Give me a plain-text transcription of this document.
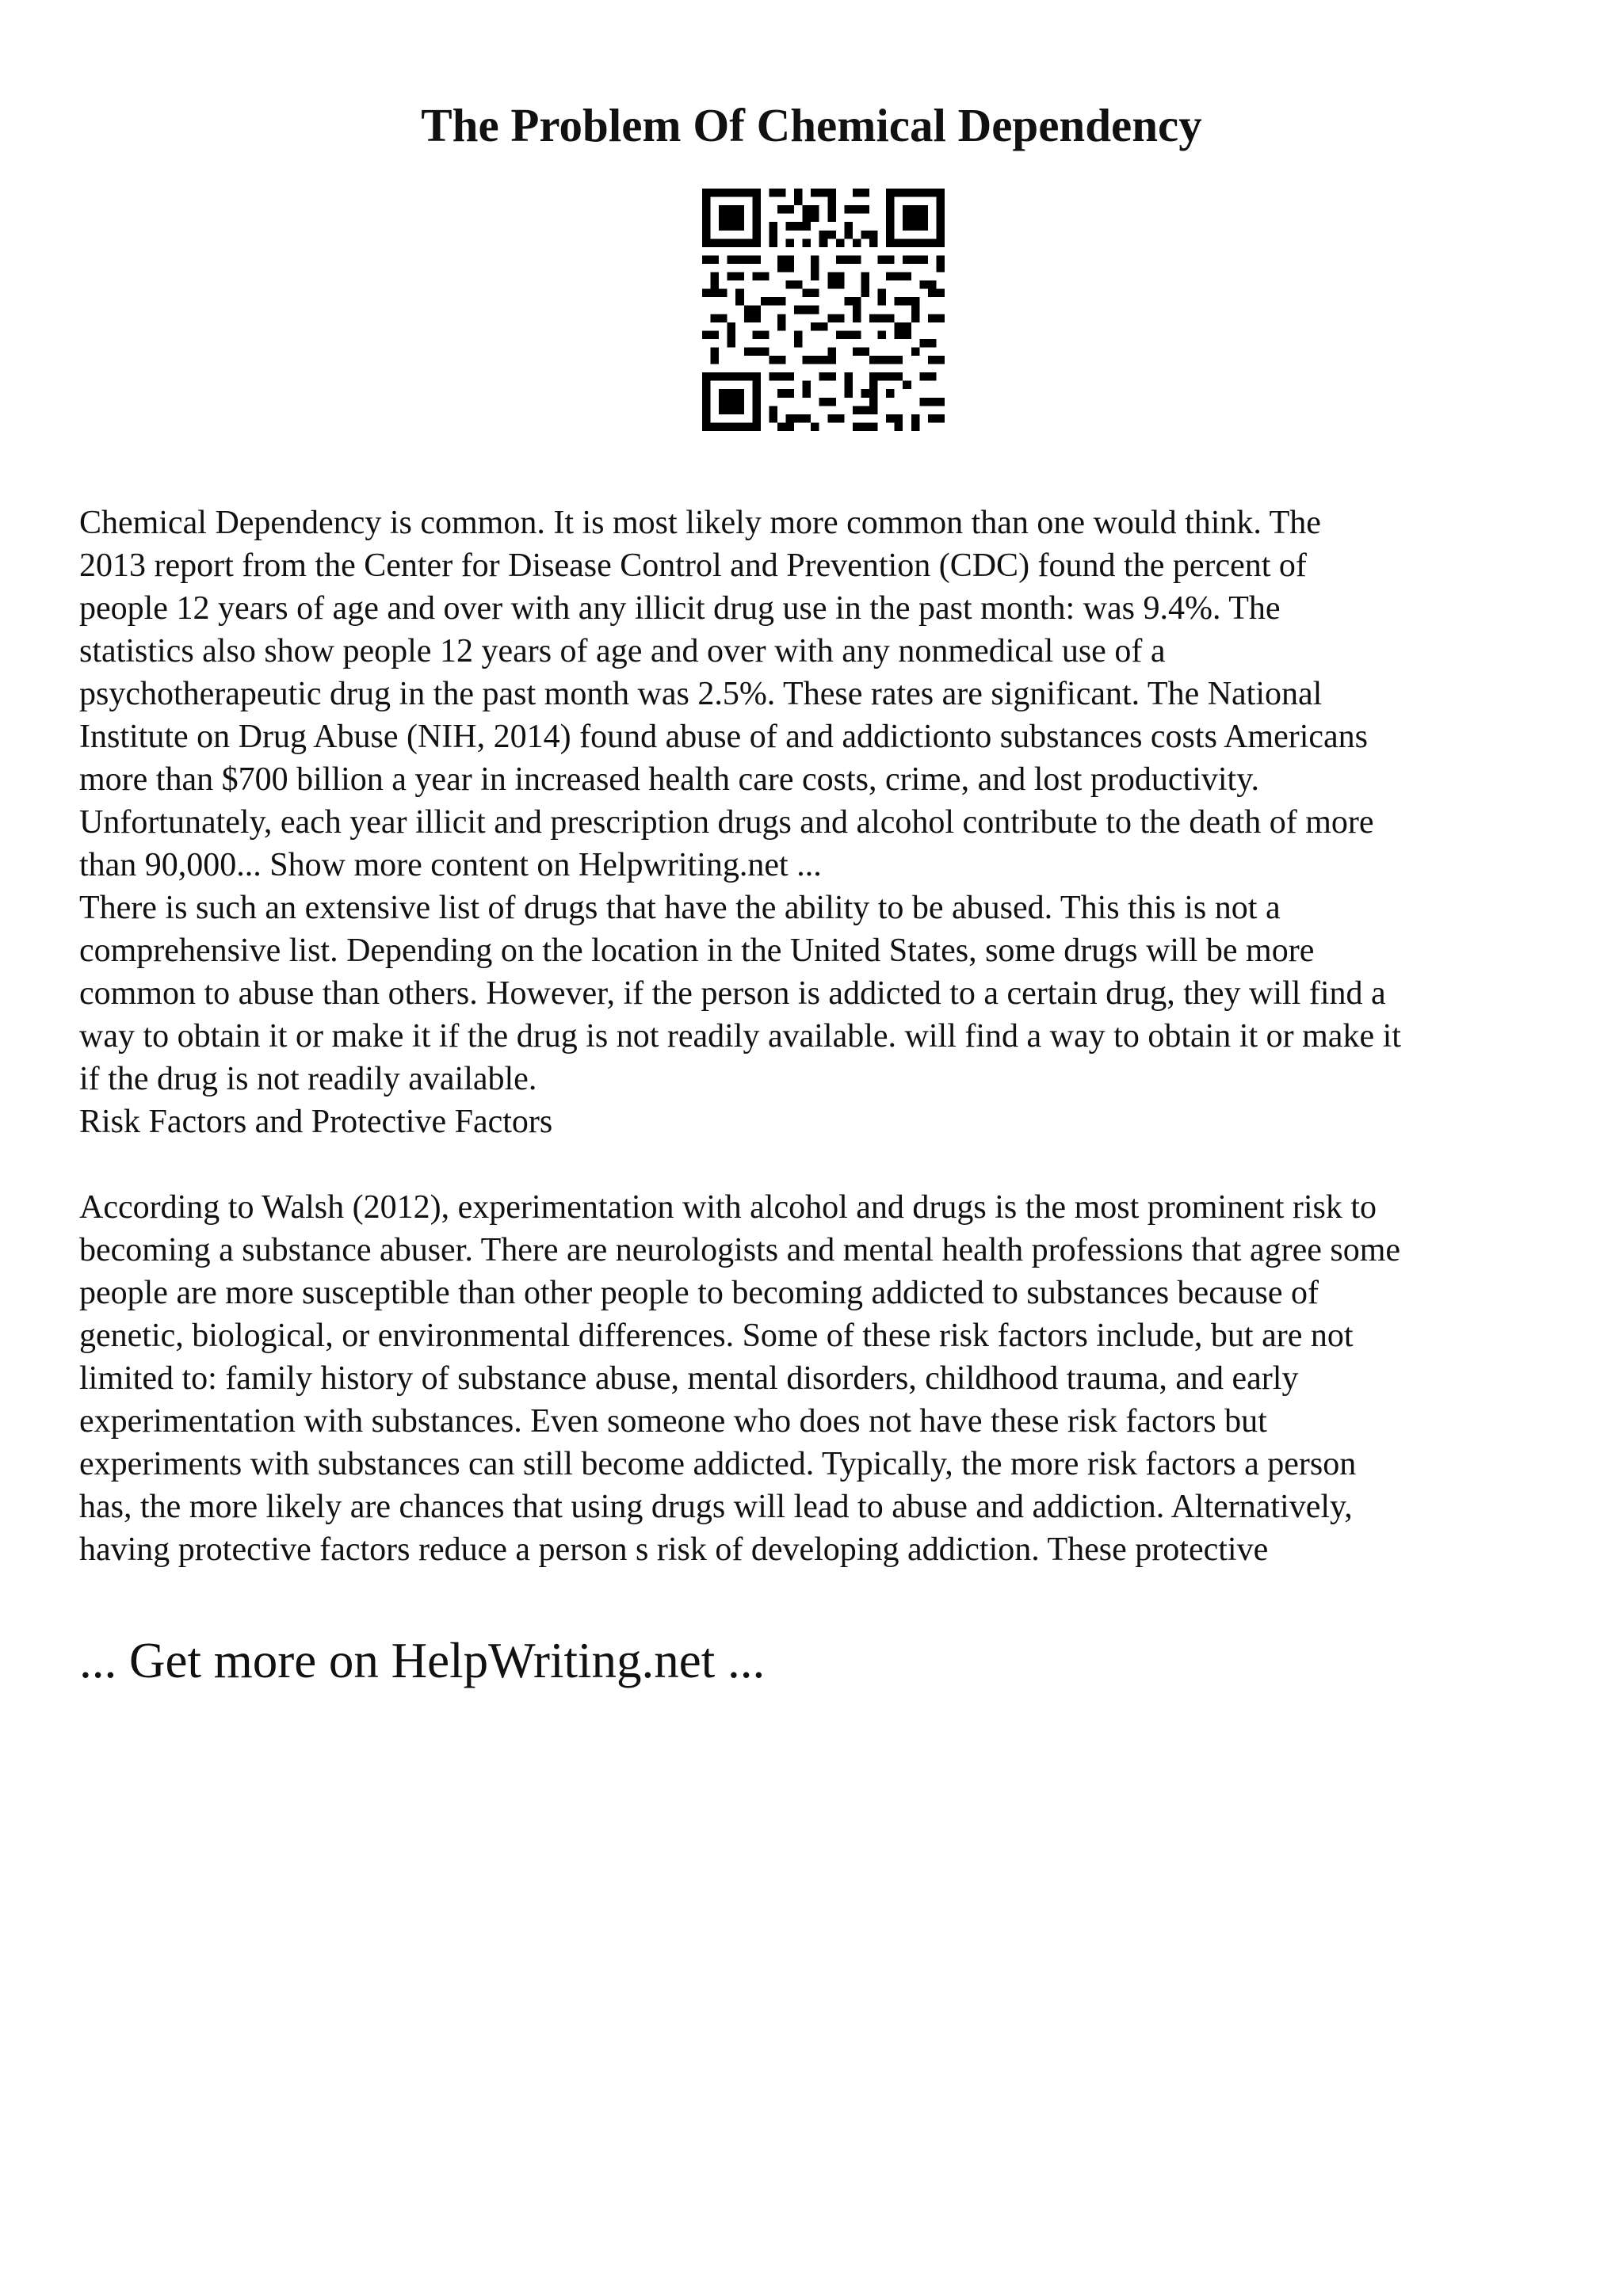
The Problem Of Chemical Dependency
Chemical Dependency is common. It is most likely more common than one would think. The
2013 report from the Center for Disease Control and Prevention (CDC) found the percent of
people 12 years of age and over with any illicit drug use in the past month: was 9.4%. The
statistics also show people 12 years of age and over with any nonmedical use of a
psychotherapeutic drug in the past month was 2.5%. These rates are significant. The National
Institute on Drug Abuse (NIH, 2014) found abuse of and addictionto substances costs Americans
more than $700 billion a year in increased health care costs, crime, and lost productivity.
Unfortunately, each year illicit and prescription drugs and alcohol contribute to the death of more
than 90,000... Show more content on Helpwriting.net ...
There is such an extensive list of drugs that have the ability to be abused. This this is not a
comprehensive list. Depending on the location in the United States, some drugs will be more
common to abuse than others. However, if the person is addicted to a certain drug, they will find a
way to obtain it or make it if the drug is not readily available. will find a way to obtain it or make it
if the drug is not readily available.
Risk Factors and Protective Factors
According to Walsh (2012), experimentation with alcohol and drugs is the most prominent risk to
becoming a substance abuser. There are neurologists and mental health professions that agree some
people are more susceptible than other people to becoming addicted to substances because of
genetic, biological, or environmental differences. Some of these risk factors include, but are not
limited to: family history of substance abuse, mental disorders, childhood trauma, and early
experimentation with substances. Even someone who does not have these risk factors but
experiments with substances can still become addicted. Typically, the more risk factors a person
has, the more likely are chances that using drugs will lead to abuse and addiction. Alternatively,
having protective factors reduce a person s risk of developing addiction. These protective

... Get more on HelpWriting.net ...
